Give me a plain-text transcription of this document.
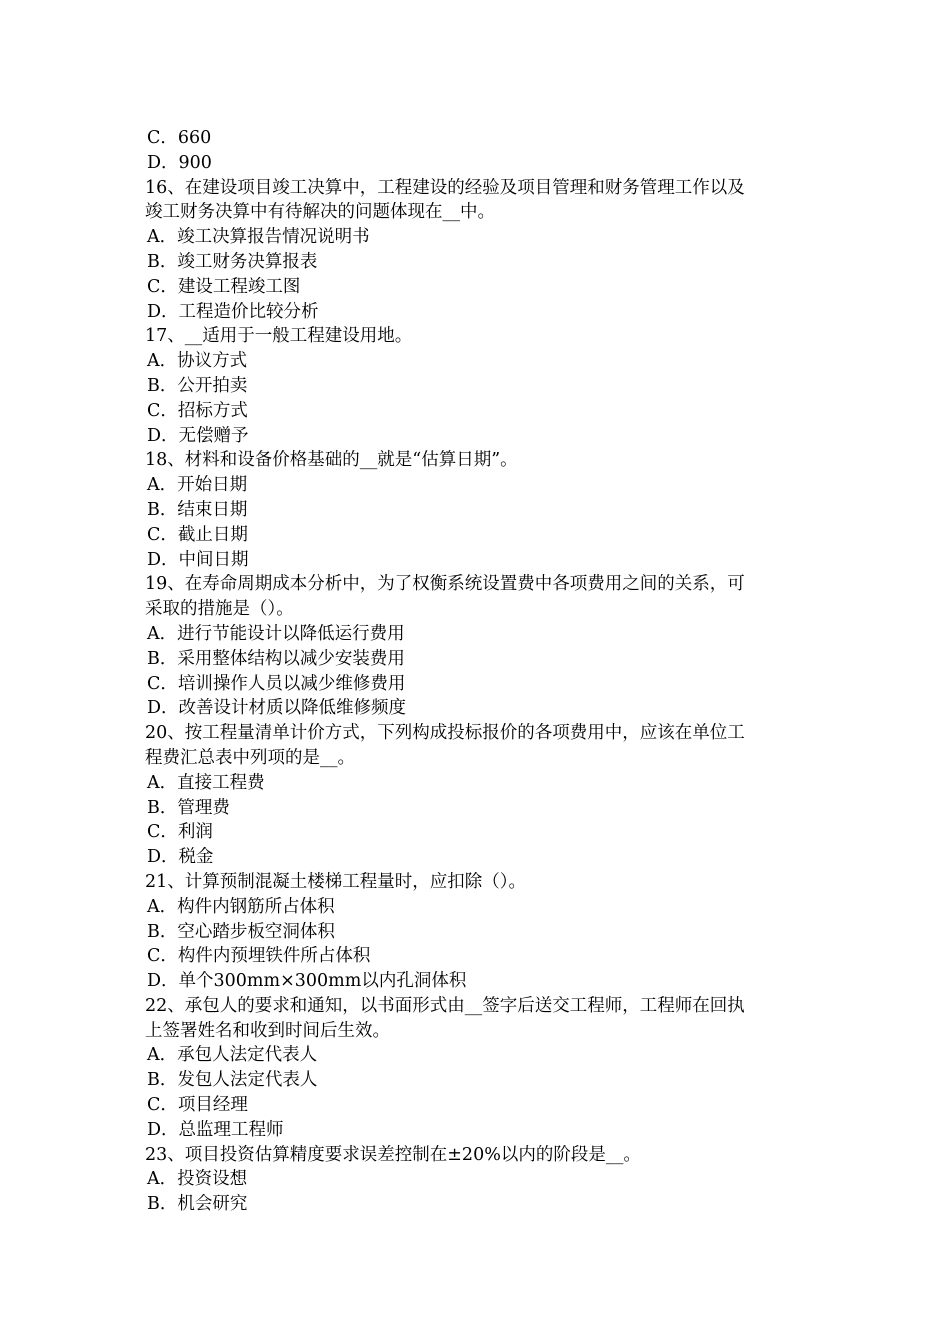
C．660
D．900
16、在建设项目竣工决算中，工程建设的经验及项目管理和财务管理工作以及
竣工财务决算中有待解决的问题体现在__中。
A．竣工决算报告情况说明书
B．竣工财务决算报表
C．建设工程竣工图
D．工程造价比较分析
17、__适用于一般工程建设用地。
A．协议方式
B．公开拍卖
C．招标方式
D．无偿赠予
18、材料和设备价格基础的__就是“估算日期”。
A．开始日期
B．结束日期
C．截止日期
D．中间日期
19、在寿命周期成本分析中，为了权衡系统设置费中各项费用之间的关系，可
采取的措施是（）。
A．进行节能设计以降低运行费用
B．采用整体结构以减少安装费用
C．培训操作人员以减少维修费用
D．改善设计材质以降低维修频度
20、按工程量清单计价方式，下列构成投标报价的各项费用中，应该在单位工
程费汇总表中列项的是__。
A．直接工程费
B．管理费
C．利润
D．税金
21、计算预制混凝土楼梯工程量时，应扣除（）。
A．构件内钢筋所占体积
B．空心踏步板空洞体积
C．构件内预埋铁件所占体积
D．单个300mm×300mm以内孔洞体积
22、承包人的要求和通知，以书面形式由__签字后送交工程师，工程师在回执
上签署姓名和收到时间后生效。
A．承包人法定代表人
B．发包人法定代表人
C．项目经理
D．总监理工程师
23、项目投资估算精度要求误差控制在±20%以内的阶段是__。
A．投资设想
B．机会研究
